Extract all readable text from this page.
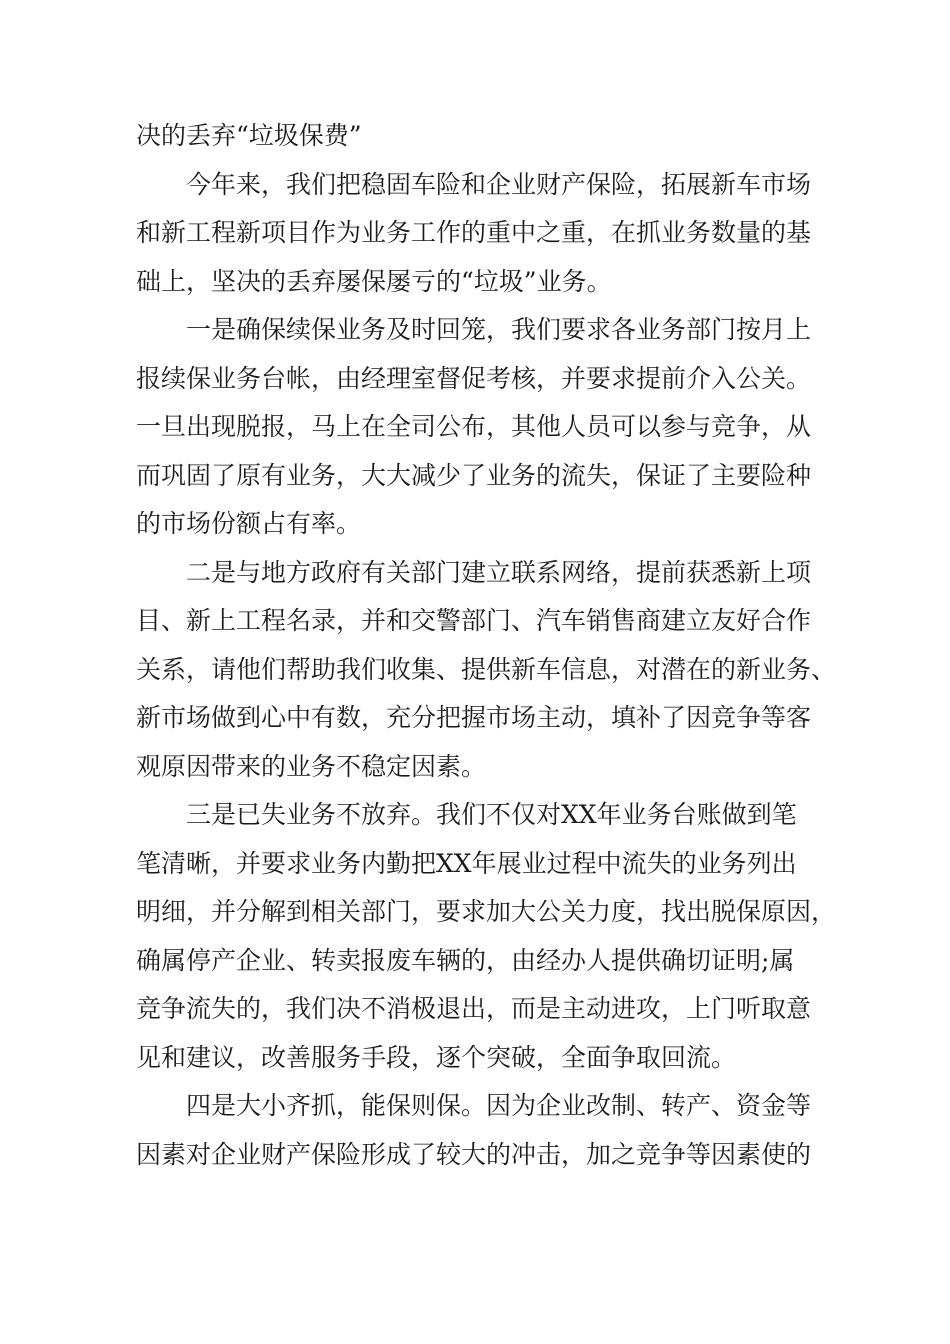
决的丢弃“垃圾保费”
今年来，我们把稳固车险和企业财产保险，拓展新车市场
和新工程新项目作为业务工作的重中之重，在抓业务数量的基
础上，坚决的丢弃屡保屡亏的“垃圾”业务。
一是确保续保业务及时回笼，我们要求各业务部门按月上
报续保业务台帐，由经理室督促考核，并要求提前介入公关。
一旦出现脱报，马上在全司公布，其他人员可以参与竞争，从
而巩固了原有业务，大大减少了业务的流失，保证了主要险种
的市场份额占有率。
二是与地方政府有关部门建立联系网络，提前获悉新上项
目、新上工程名录，并和交警部门、汽车销售商建立友好合作
关系，请他们帮助我们收集、提供新车信息，对潜在的新业务、
新市场做到心中有数，充分把握市场主动，填补了因竞争等客
观原因带来的业务不稳定因素。
三是已失业务不放弃。我们不仅对XX年业务台账做到笔
笔清晰，并要求业务内勤把XX年展业过程中流失的业务列出
明细，并分解到相关部门，要求加大公关力度，找出脱保原因，
确属停产企业、转卖报废车辆的，由经办人提供确切证明;属
竞争流失的，我们决不消极退出，而是主动进攻，上门听取意
见和建议，改善服务手段，逐个突破，全面争取回流。
四是大小齐抓，能保则保。因为企业改制、转产、资金等
因素对企业财产保险形成了较大的冲击，加之竞争等因素使的
